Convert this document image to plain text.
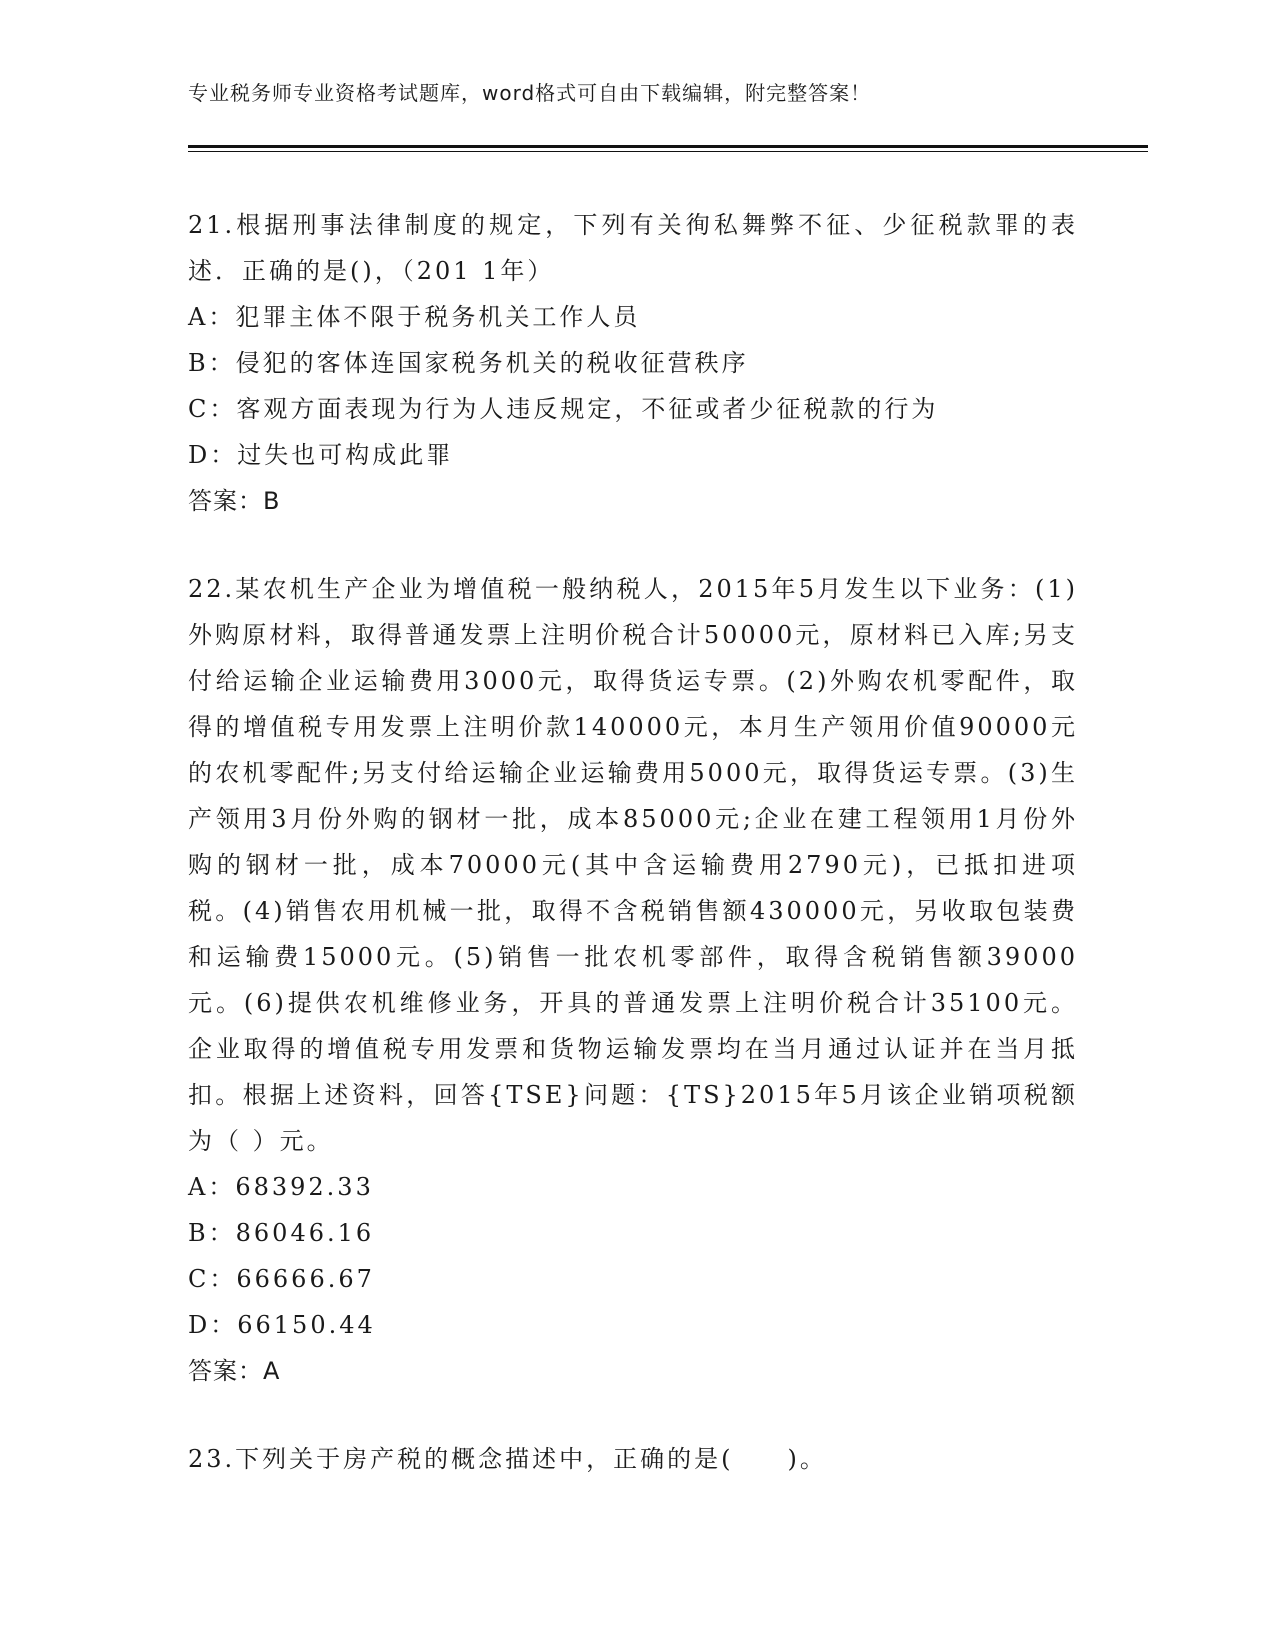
专业税务师专业资格考试题库，word格式可自由下载编辑，附完整答案！

21.根据刑事法律制度的规定，下列有关徇私舞弊不征、少征税款罪的表述．正确的是()，（201 1年）

A：犯罪主体不限于税务机关工作人员

B：侵犯的客体连国家税务机关的税收征营秩序

C：客观方面表现为行为人违反规定，不征或者少征税款的行为

D：过失也可构成此罪

答案：B

22.某农机生产企业为增值税一般纳税人，2015年5月发生以下业务：(1)外购原材料，取得普通发票上注明价税合计50000元，原材料已入库;另支付给运输企业运输费用3000元，取得货运专票。(2)外购农机零配件，取得的增值税专用发票上注明价款140000元，本月生产领用价值90000元的农机零配件;另支付给运输企业运输费用5000元，取得货运专票。(3)生产领用3月份外购的钢材一批，成本85000元;企业在建工程领用1月份外购的钢材一批，成本70000元(其中含运输费用2790元)，已抵扣进项税。(4)销售农用机械一批，取得不含税销售额430000元，另收取包装费和运输费15000元。(5)销售一批农机零部件，取得含税销售额39000元。(6)提供农机维修业务，开具的普通发票上注明价税合计35100元。企业取得的增值税专用发票和货物运输发票均在当月通过认证并在当月抵扣。根据上述资料，回答{TSE}问题：{TS}2015年5月该企业销项税额为（ ）元。

A：68392.33

B：86046.16

C：66666.67

D：66150.44

答案：A

23.下列关于房产税的概念描述中，正确的是(　　)。
